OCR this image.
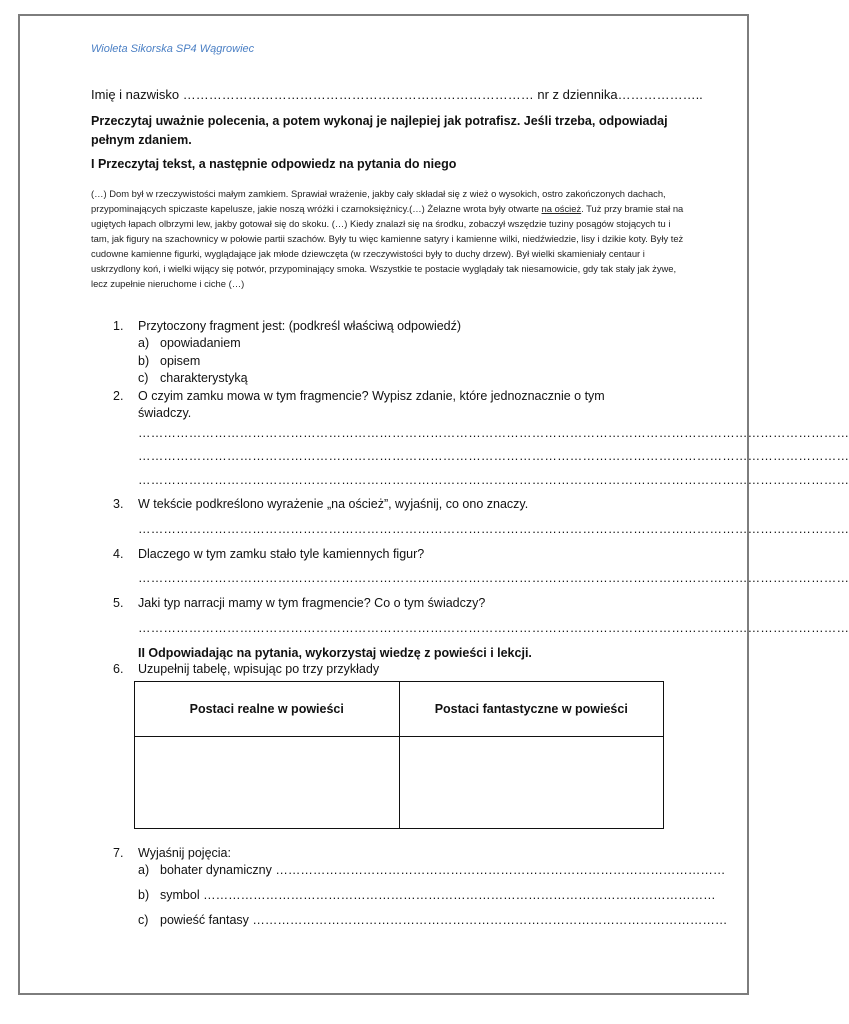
Wioleta Sikorska SP4 Wągrowiec
Imię i nazwisko ……………………………………………………………………… nr z dziennika………………..
Przeczytaj uważnie polecenia, a potem wykonaj je najlepiej jak potrafisz. Jeśli trzeba, odpowiadaj pełnym zdaniem.
I Przeczytaj tekst, a następnie odpowiedz na pytania do niego
(…) Dom był w rzeczywistości małym zamkiem. Sprawiał wrażenie, jakby cały składał się z wież o wysokich, ostro zakończonych dachach, przypominających spiczaste kapelusze, jakie noszą wróżki i czarnoksiężnicy.(…) Żelazne wrota były otwarte na oścież. Tuż przy bramie stał na ugiętych łapach olbrzymi lew, jakby gotował się do skoku. (…) Kiedy znalazł się na środku, zobaczył wszędzie tuziny posągów stojących tu i tam, jak figury na szachownicy w połowie partii szachów. Były tu więc kamienne satyry i kamienne wilki, niedźwiedzie, lisy i dzikie koty. Były też cudowne kamienne figurki, wyglądające jak młode dziewczęta (w rzeczywistości były to duchy drzew). Był wielki skamieniały centaur i uskrzydlony koń, i wielki wijący się potwór, przypominający smoka. Wszystkie te postacie wyglądały tak niesamowicie, gdy tak stały jak żywe, lecz zupełnie nieruchome i ciche (…)
1. Przytoczony fragment jest: (podkreśl właściwą odpowiedź)
a) opowiadaniem
b) opisem
c) charakterystyką
2. O czyim zamku mowa w tym fragmencie? Wypisz zdanie, które jednoznacznie o tym
świadczy.
……………………………………………………………………………………………………………………………………………………
……………………………………………………………………………………………………………………………………………………
……………………………………………………………………………………………………………………………………………………
3. W tekście podkreślono wyrażenie „na oścież”, wyjaśnij, co ono znaczy.
……………………………………………………………………………………………………………………………………………………
4. Dlaczego w tym zamku stało tyle kamiennych figur?
……………………………………………………………………………………………………………………………………………………
5. Jaki typ narracji mamy w tym fragmencie? Co o tym świadczy?
……………………………………………………………………………………………………………………………………………………
II Odpowiadając na pytania, wykorzystaj wiedzę z powieści i lekcji.
6. Uzupełnij tabelę, wpisując po trzy przykłady
Postaci realne w powieści	Postaci fantastyczne w powieści

7. Wyjaśnij pojęcia:
a) bohater dynamiczny ………………………………………………………………………………………………
b) symbol ……………………………………………………………………………………………………………
c) powieść fantasy ……………………………………………………………………………………………………
